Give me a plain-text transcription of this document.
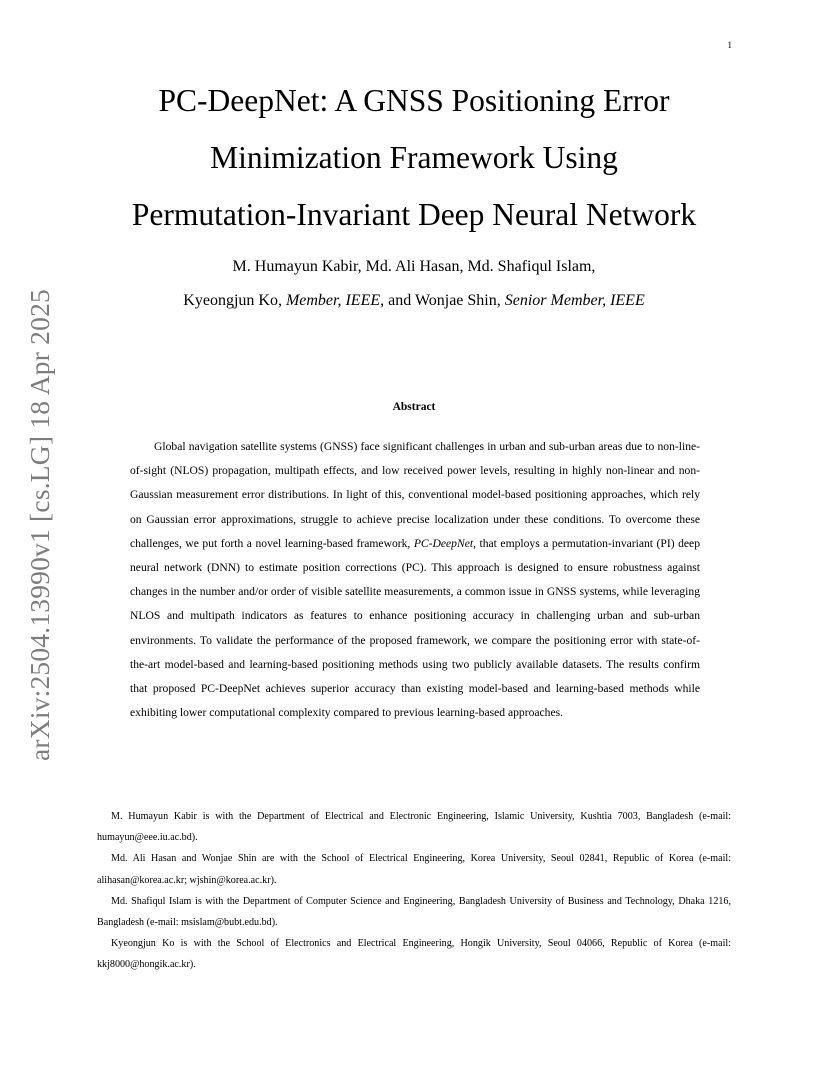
1
arXiv:2504.13990v1 [cs.LG] 18 Apr 2025
PC-DeepNet: A GNSS Positioning Error
Minimization Framework Using
Permutation-Invariant Deep Neural Network
M. Humayun Kabir, Md. Ali Hasan, Md. Shafiqul Islam,
Kyeongjun Ko, Member, IEEE, and Wonjae Shin, Senior Member, IEEE
Abstract
Global navigation satellite systems (GNSS) face significant challenges in urban and sub-urban areas due to non-line-of-sight (NLOS) propagation, multipath effects, and low received power levels, resulting in highly non-linear and non-Gaussian measurement error distributions. In light of this, conventional model-based positioning approaches, which rely on Gaussian error approximations, struggle to achieve precise localization under these conditions. To overcome these challenges, we put forth a novel learning-based framework, PC-DeepNet, that employs a permutation-invariant (PI) deep neural network (DNN) to estimate position corrections (PC). This approach is designed to ensure robustness against changes in the number and/or order of visible satellite measurements, a common issue in GNSS systems, while leveraging NLOS and multipath indicators as features to enhance positioning accuracy in challenging urban and sub-urban environments. To validate the performance of the proposed framework, we compare the positioning error with state-of-the-art model-based and learning-based positioning methods using two publicly available datasets. The results confirm that proposed PC-DeepNet achieves superior accuracy than existing model-based and learning-based methods while exhibiting lower computational complexity compared to previous learning-based approaches.

M. Humayun Kabir is with the Department of Electrical and Electronic Engineering, Islamic University, Kushtia 7003, Bangladesh (e-mail: humayun@eee.iu.ac.bd).

Md. Ali Hasan and Wonjae Shin are with the School of Electrical Engineering, Korea University, Seoul 02841, Republic of Korea (e-mail: alihasan@korea.ac.kr; wjshin@korea.ac.kr).

Md. Shafiqul Islam is with the Department of Computer Science and Engineering, Bangladesh University of Business and Technology, Dhaka 1216, Bangladesh (e-mail: msislam@bubt.edu.bd).

Kyeongjun Ko is with the School of Electronics and Electrical Engineering, Hongik University, Seoul 04066, Republic of Korea (e-mail: kkj8000@hongik.ac.kr).
